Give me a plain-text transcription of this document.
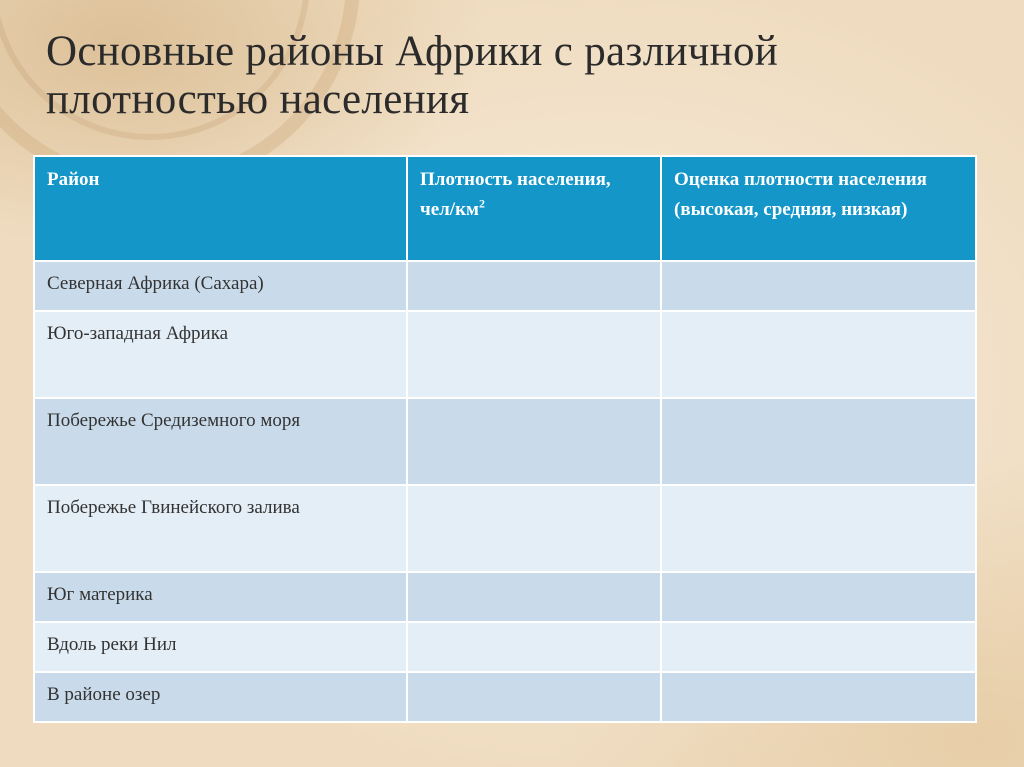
Основные районы Африки с различной плотностью населения
Район	Плотность населения, чел/$км^2$	Оценка плотности населения (высокая, средняя, низкая)
Северная Африка (Сахара)		
Юго-западная Африка		
Побережье Средиземного моря		
Побережье Гвинейского залива		
Юг материка		
Вдоль реки Нил		
В районе озер		
